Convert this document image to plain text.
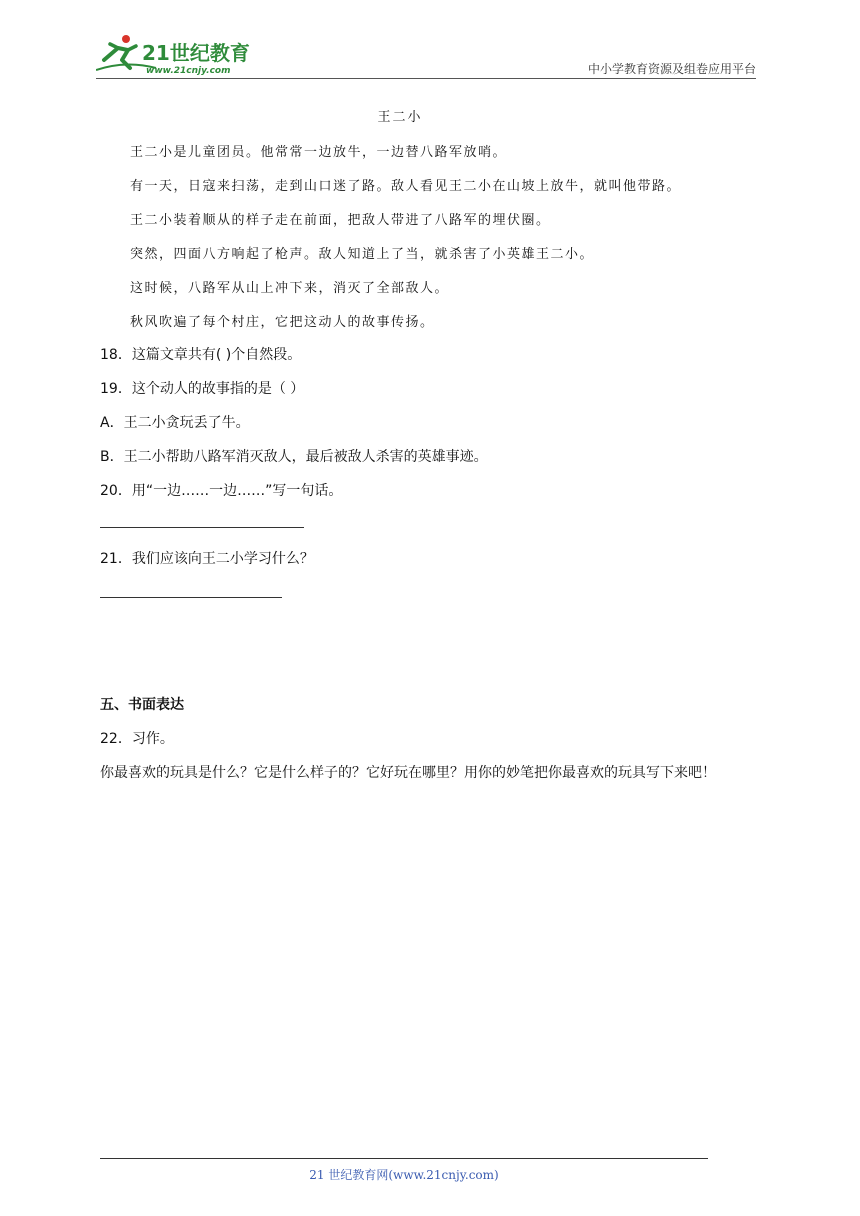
21世纪教育
www.21cnjy.com	中小学教育资源及组卷应用平台
王二小
王二小是儿童团员。他常常一边放牛，一边替八路军放哨。
有一天，日寇来扫荡，走到山口迷了路。敌人看见王二小在山坡上放牛，就叫他带路。
王二小装着顺从的样子走在前面，把敌人带进了八路军的埋伏圈。
突然，四面八方响起了枪声。敌人知道上了当，就杀害了小英雄王二小。
这时候，八路军从山上冲下来，消灭了全部敌人。
秋风吹遍了每个村庄，它把这动人的故事传扬。
18．这篇文章共有( )个自然段。
19．这个动人的故事指的是（ ）
A．王二小贪玩丢了牛。
B．王二小帮助八路军消灭敌人，最后被敌人杀害的英雄事迹。
20．用“一边……一边……”写一句话。
21．我们应该向王二小学习什么？
五、书面表达
22．习作。
你最喜欢的玩具是什么？它是什么样子的？它好玩在哪里？用你的妙笔把你最喜欢的玩具写下来吧！
21 世纪教育网(www.21cnjy.com)
